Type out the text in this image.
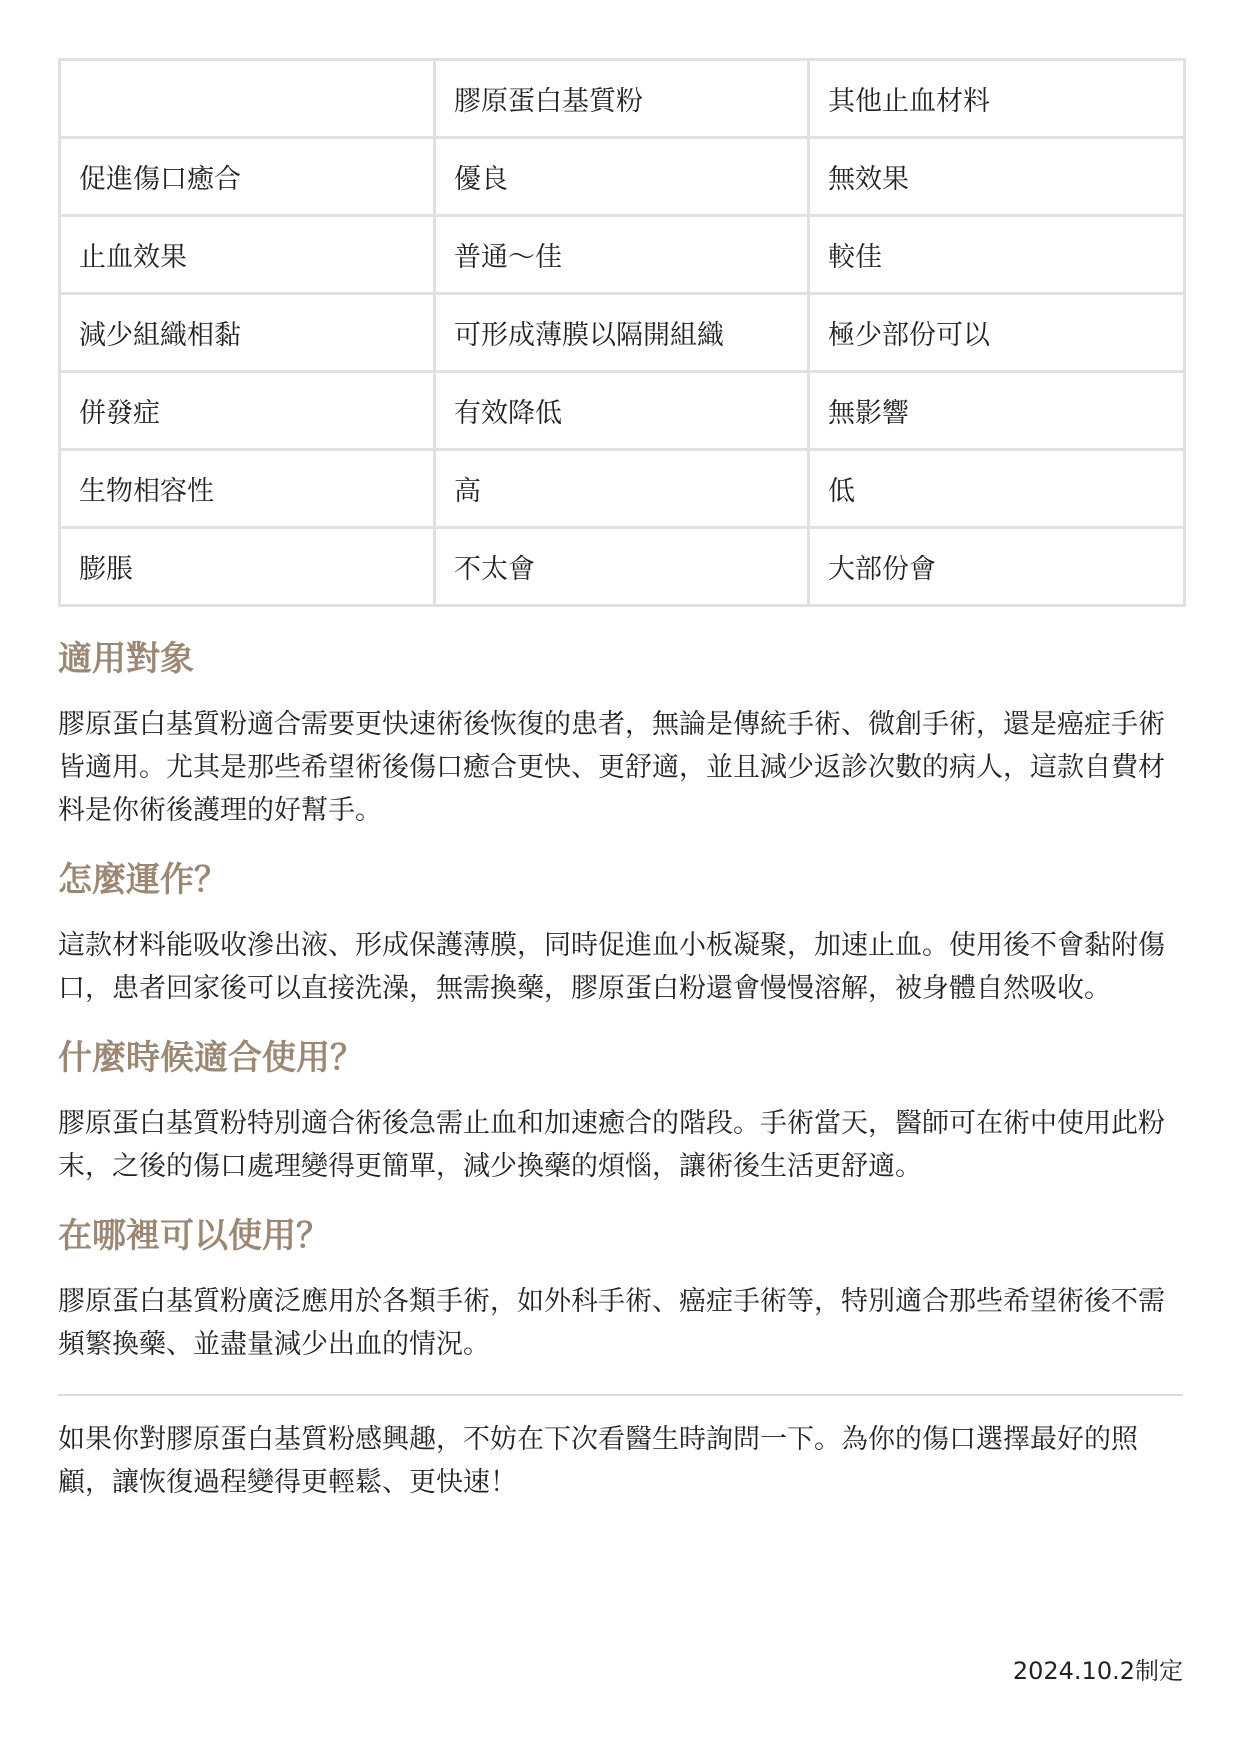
	膠原蛋白基質粉	其他止血材料
促進傷口癒合	優良	無效果
止血效果	普通～佳	較佳
減少組織相黏	可形成薄膜以隔開組織	極少部份可以
併發症	有效降低	無影響
生物相容性	高	低
膨脹	不太會	大部份會
適用對象

膠原蛋白基質粉適合需要更快速術後恢復的患者，無論是傳統手術、微創手術，還是癌症手術皆適用。尤其是那些希望術後傷口癒合更快、更舒適，並且減少返診次數的病人，這款自費材料是你術後護理的好幫手。

怎麼運作？

這款材料能吸收滲出液、形成保護薄膜，同時促進血小板凝聚，加速止血。使用後不會黏附傷口，患者回家後可以直接洗澡，無需換藥，膠原蛋白粉還會慢慢溶解，被身體自然吸收。

什麼時候適合使用？

膠原蛋白基質粉特別適合術後急需止血和加速癒合的階段。手術當天，醫師可在術中使用此粉末，之後的傷口處理變得更簡單，減少換藥的煩惱，讓術後生活更舒適。

在哪裡可以使用？

膠原蛋白基質粉廣泛應用於各類手術，如外科手術、癌症手術等，特別適合那些希望術後不需頻繁換藥、並盡量減少出血的情況。

如果你對膠原蛋白基質粉感興趣，不妨在下次看醫生時詢問一下。為你的傷口選擇最好的照顧，讓恢復過程變得更輕鬆、更快速！

2024.10.2制定
